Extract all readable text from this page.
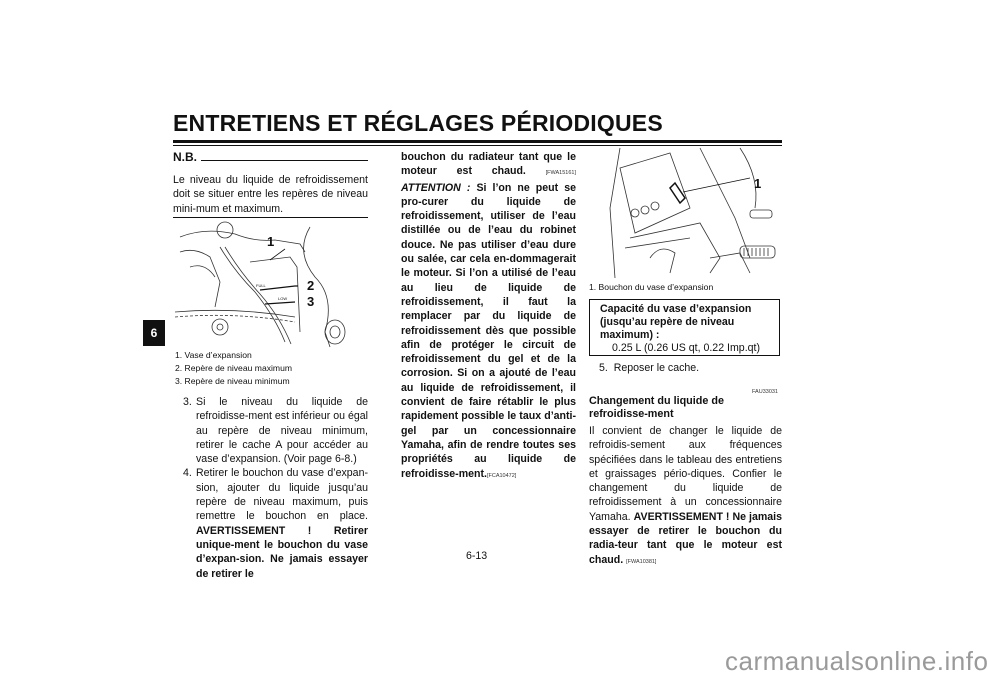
ENTRETIENS ET RÉGLAGES PÉRIODIQUES
6
N.B.
Le niveau du liquide de refroidissement doit se situer entre les repères de niveau mini-mum et maximum.
FULL
LOW
1
2
3
1. Vase d’expansion
2. Repère de niveau maximum
3. Repère de niveau minimum
3. Si le niveau du liquide de refroidisse-ment est inférieur ou égal au repère de niveau minimum, retirer le cache A pour accéder au vase d’expansion. (Voir page 6-8.)
4. Retirer le bouchon du vase d’expan-sion, ajouter du liquide jusqu’au repère de niveau maximum, puis remettre le bouchon en place. AVERTISSEMENT ! Retirer unique-ment le bouchon du vase d’expan-sion. Ne jamais essayer de retirer le
bouchon du radiateur tant que le moteur est chaud.	[FWA15161] ATTENTION : Si l’on ne peut se pro-curer du liquide de refroidissement, utiliser de l’eau distillée ou de l’eau du robinet douce. Ne pas utiliser d’eau dure ou salée, car cela en-dommagerait le moteur. Si l’on a utilisé de l’eau au lieu de liquide de refroidissement, il faut la remplacer par du liquide de refroidissement dès que possible afin de protéger le circuit de refroidissement du gel et de la corrosion. Si on a ajouté de l’eau au liquide de refroidissement, il convient de faire rétablir le plus rapidement possible le taux d’anti-gel par un concessionnaire Yamaha, afin de rendre toutes ses propriétés au liquide de refroidisse-ment.[FCA10472]
1
1. Bouchon du vase d’expansion
Capacité du vase d’expansion
(jusqu’au repère de niveau
maximum) :
0.25 L (0.26 US qt, 0.22 Imp.qt)
5. Reposer le cache.
FAU33031
Changement du liquide de refroidisse-ment
Il convient de changer le liquide de refroidis-sement aux fréquences spécifiées dans le tableau des entretiens et graissages pério-diques. Confier le changement du liquide de refroidissement à un concessionnaire Yamaha. AVERTISSEMENT ! Ne jamais essayer de retirer le bouchon du radia-teur tant que le moteur est chaud. [FWA10381]
6-13
carmanualsonline.info
